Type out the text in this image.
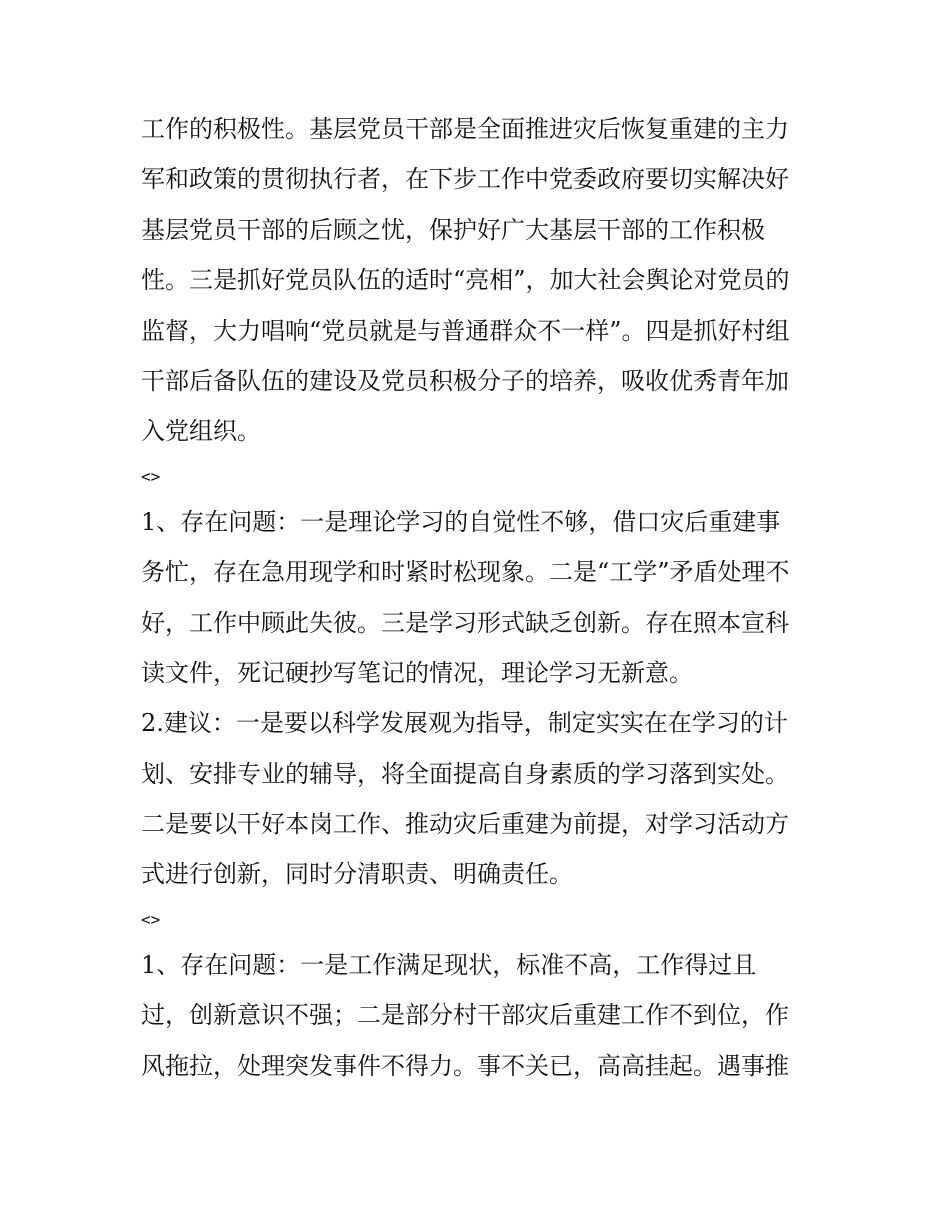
工作的积极性。基层党员干部是全面推进灾后恢复重建的主力
军和政策的贯彻执行者，在下步工作中党委政府要切实解决好
基层党员干部的后顾之忧，保护好广大基层干部的工作积极
性。三是抓好党员队伍的适时“亮相”，加大社会舆论对党员的
监督，大力唱响“党员就是与普通群众不一样”。四是抓好村组
干部后备队伍的建设及党员积极分子的培养，吸收优秀青年加
入党组织。
<>
1、存在问题：一是理论学习的自觉性不够，借口灾后重建事
务忙，存在急用现学和时紧时松现象。二是“工学”矛盾处理不
好，工作中顾此失彼。三是学习形式缺乏创新。存在照本宣科
读文件，死记硬抄写笔记的情况，理论学习无新意。
2.建议：一是要以科学发展观为指导，制定实实在在学习的计
划、安排专业的辅导，将全面提高自身素质的学习落到实处。
二是要以干好本岗工作、推动灾后重建为前提，对学习活动方
式进行创新，同时分清职责、明确责任。
<>
1、存在问题：一是工作满足现状，标准不高，工作得过且
过，创新意识不强；二是部分村干部灾后重建工作不到位，作
风拖拉，处理突发事件不得力。事不关已，高高挂起。遇事推
